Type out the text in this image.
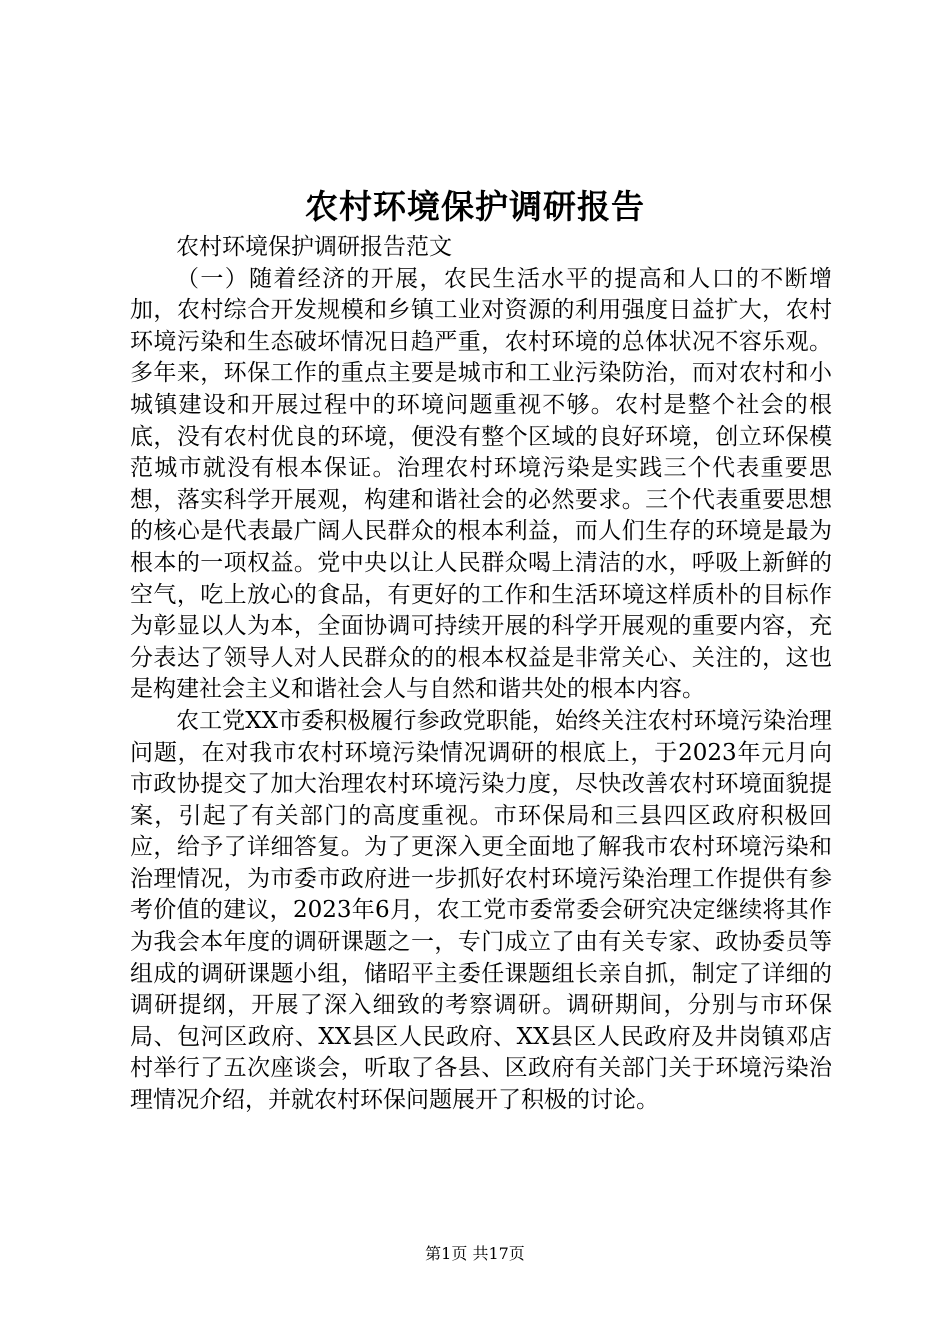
农村环境保护调研报告

农村环境保护调研报告范文

（一）随着经济的开展，农民生活水平的提高和人口的不断增加，农村综合开发规模和乡镇工业对资源的利用强度日益扩大，农村环境污染和生态破坏情况日趋严重，农村环境的总体状况不容乐观。多年来，环保工作的重点主要是城市和工业污染防治，而对农村和小城镇建设和开展过程中的环境问题重视不够。农村是整个社会的根底，没有农村优良的环境，便没有整个区域的良好环境，创立环保模范城市就没有根本保证。治理农村环境污染是实践三个代表重要思想，落实科学开展观，构建和谐社会的必然要求。三个代表重要思想的核心是代表最广阔人民群众的根本利益，而人们生存的环境是最为根本的一项权益。党中央以让人民群众喝上清洁的水，呼吸上新鲜的空气，吃上放心的食品，有更好的工作和生活环境这样质朴的目标作为彰显以人为本，全面协调可持续开展的科学开展观的重要内容，充分表达了领导人对人民群众的的根本权益是非常关心、关注的，这也是构建社会主义和谐社会人与自然和谐共处的根本内容。

农工党XX市委积极履行参政党职能，始终关注农村环境污染治理问题，在对我市农村环境污染情况调研的根底上，于2023年元月向市政协提交了加大治理农村环境污染力度，尽快改善农村环境面貌提案，引起了有关部门的高度重视。市环保局和三县四区政府积极回应，给予了详细答复。为了更深入更全面地了解我市农村环境污染和治理情况，为市委市政府进一步抓好农村环境污染治理工作提供有参考价值的建议，2023年6月，农工党市委常委会研究决定继续将其作为我会本年度的调研课题之一，专门成立了由有关专家、政协委员等组成的调研课题小组，储昭平主委任课题组长亲自抓，制定了详细的调研提纲，开展了深入细致的考察调研。调研期间，分别与市环保局、包河区政府、XX县区人民政府、XX县区人民政府及井岗镇邓店村举行了五次座谈会，听取了各县、区政府有关部门关于环境污染治理情况介绍，并就农村环保问题展开了积极的讨论。

第1页 共17页
